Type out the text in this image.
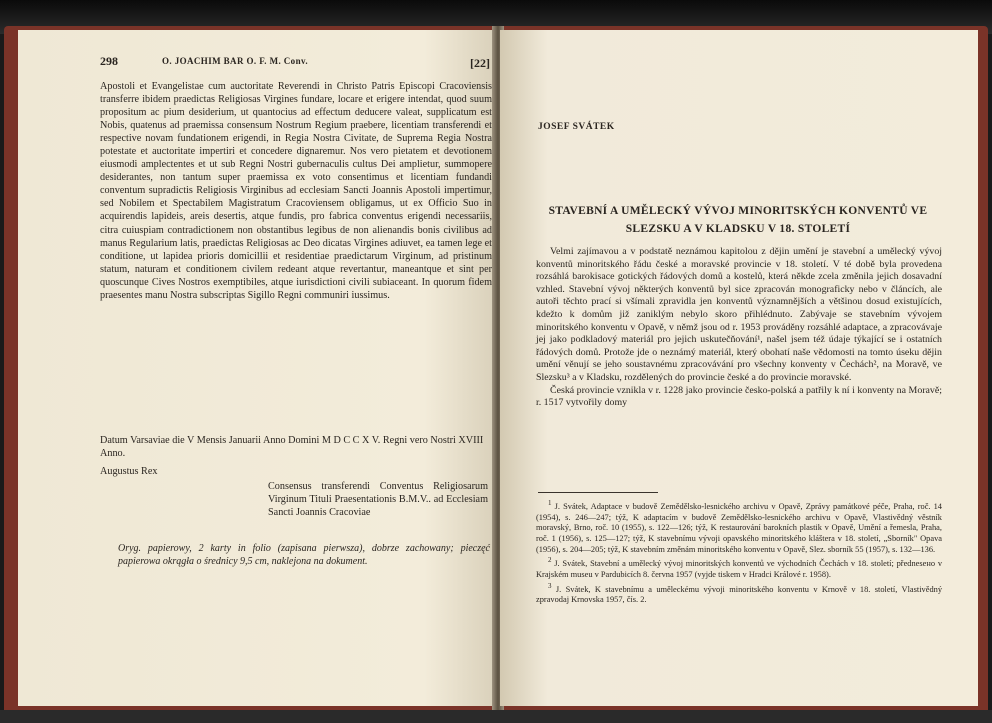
298	O. JOACHIM BAR O. F. M. Conv.	[22]
Apostoli et Evangelistae cum auctoritate Reverendi in Christo Patris Episcopi Cracoviensis transferre ibidem praedictas Religiosas Virgines fundare, locare et erigere intendat, quod suum propositum ac pium desiderium, ut quantocius ad effectum deducere valeat, supplicatum est Nobis, quatenus ad praemissa consensum Nostrum Regium praebere, licentiam transferendi et respective novam fundationem erigendi, in Regia Nostra Civitate, de Suprema Regia Nostra potestate et auctoritate impertiri et concedere dignaremur. Nos vero pietatem et devotionem eiusmodi amplectentes et ut sub Regni Nostri gubernaculis cultus Dei amplietur, summopere desiderantes, non tantum super praemissa ex voto consentimus et licentiam fundandi conventum supradictis Religiosis Virginibus ad ecclesiam Sancti Joannis Apostoli impertimur, sed Nobilem et Spectabilem Magistratum Cracoviensem obligamus, ut ex Officio Suo in acquirendis lapideis, areis desertis, atque fundis, pro fabrica conventus erigendi necessariis, citra cuiuspiam contradictionem non obstantibus legibus de non alienandis bonis civilibus ad manus Regularium latis, praedictas Religiosas ac Deo dicatas Virgines adiuvet, ea tamen lege et conditione, ut lapidea prioris domicillii et residentiae praedictarum Virginum, ad pristinum statum, naturam et conditionem civilem redeant atque revertantur, maneantque et sint per quoscunque Cives Nostros exemptibiles, atque iurisdictioni civili subiaceant. In quorum fidem praesentes manu Nostra subscriptas Sigillo Regni communiri iussimus.
Datum Varsaviae die V Mensis Januarii Anno Domini M D C C X V. Regni vero Nostri XVIII Anno.
Augustus Rex
Consensus transferendi Conventus Religiosarum Virginum Tituli Praesentationis B.M.V.. ad Ecclesiam Sancti Joannis Cracoviae
Oryg. papierowy, 2 karty in folio (zapisana pierwsza), dobrze zachowany; pieczęć papierowa okrągła o średnicy 9,5 cm, naklejona na dokument.
JOSEF SVÁTEK
STAVEBNÍ A UMĚLECKÝ VÝVOJ MINORITSKÝCH KONVENTŮ VE SLEZSKU A V KLADSKU V 18. STOLETÍ

Velmi zajímavou a v podstatě neznámou kapitolou z dějin umění je stavební a umělecký vývoj konventů minoritského řádu české a moravské provincie v 18. století. V té době byla provedena rozsáhlá barokisace gotických řádových domů a kostelů, která někde zcela změnila jejich dosavadní vzhled. Stavební vývoj některých konventů byl sice zpracován monograficky nebo v článcích, ale autoři těchto prací si všímali zpravidla jen konventů významnějších a většinou dosud existujících, kdežto k domům již zaniklým nebylo skoro přihlédnuto. Zabývaje se stavebním vývojem minoritského konventu v Opavě, v němž jsou od r. 1953 prováděny rozsáhlé adaptace, a zpracovávaje jej jako podkladový materiál pro jejich uskutečňování¹, našel jsem též údaje týkající se i ostatních řádových domů. Protože jde o neznámý materiál, který obohatí naše vědomosti na tomto úseku dějin umění věnují se jeho soustavnému zpracovávání pro všechny konventy v Čechách², na Moravě, ve Slezsku³ a v Kladsku, rozdělených do provincie české a do provincie moravské.

Česká provincie vznikla v r. 1228 jako provincie česko-polská a patřily k ní i konventy na Moravě; r. 1517 vytvořily domy

$^1$ J. Svátek, Adaptace v budově Zemědělsko-lesnického archivu v Opavě, Zprávy památkové péče, Praha, roč. 14 (1954), s. 246—247; týž, K adaptacím v budově Zemědělsko-lesnického archivu v Opavě, Vlastivědný věstník moravský, Brno, roč. 10 (1955), s. 122—126; týž, K restaurování barokních plastik v Opavě, Umění a řemesla, Praha, roč. 1 (1956), s. 125—127; týž, K stavebnímu vývoji opavského minoritského kláštera v 18. století, „Sborník" Opava (1956), s. 204—205; týž, K stavebním změnám minoritského konventu v Opavě, Slez. sborník 55 (1957), s. 132—136.

$^2$ J. Svátek, Stavební a umělecký vývoj minoritských konventů ve východních Čechách v 18. století; přednesено v Krajském museu v Pardubicích 8. června 1957 (vyjde tiskem v Hradci Králové r. 1958).

$^3$ J. Svátek, K stavebnímu a uměleckému vývoji minoritského konventu v Krnově v 18. století, Vlastivědný zpravodaj Krnovska 1957, čís. 2.
